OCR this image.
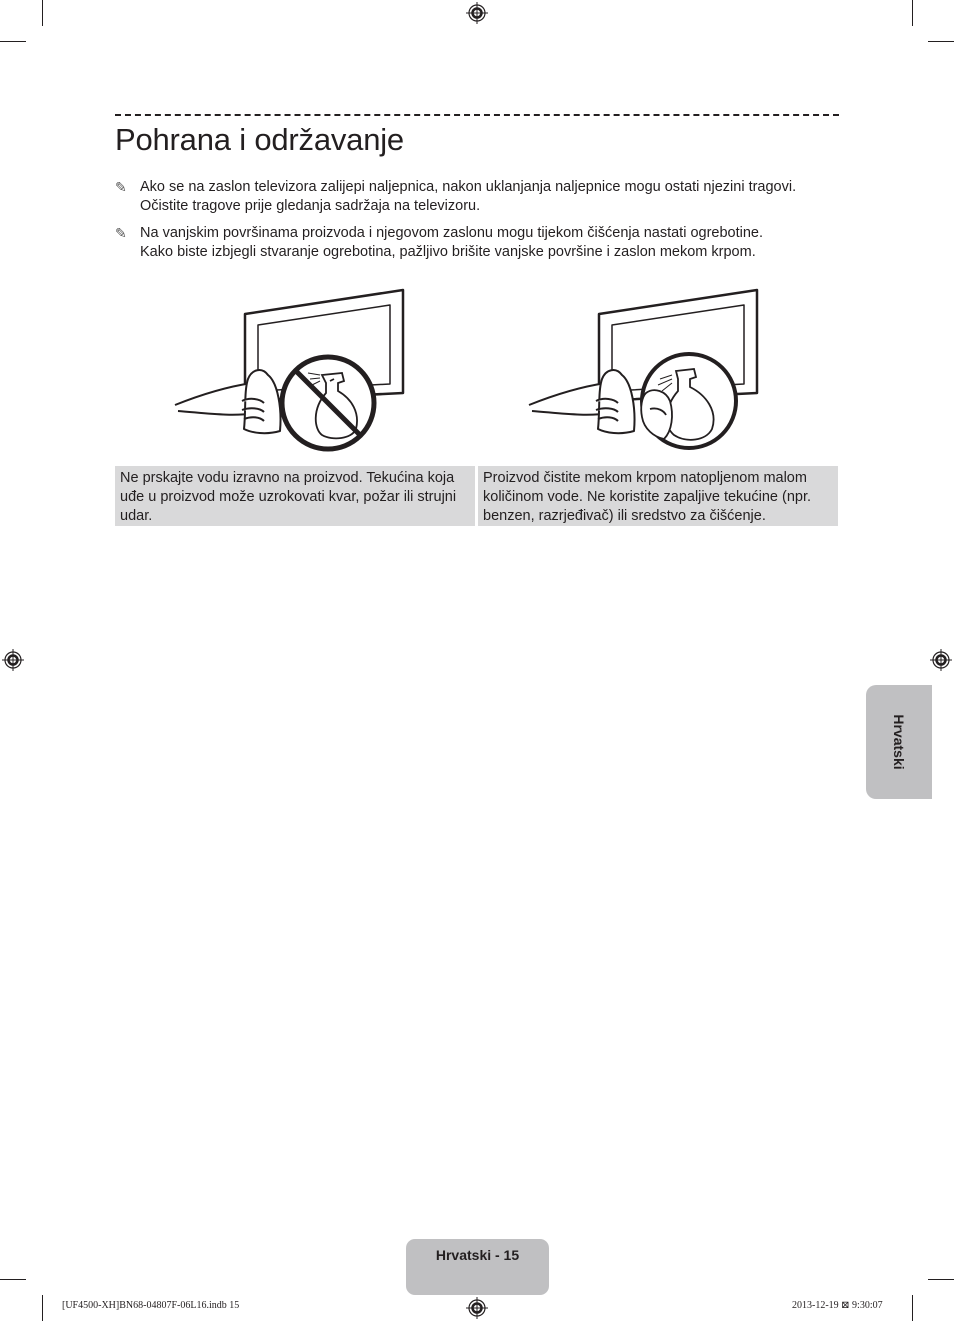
Pohrana i održavanje
✎ Ako se na zaslon televizora zalijepi naljepnica, nakon uklanjanja naljepnice mogu ostati njezini tragovi.
Očistite tragove prije gledanja sadržaja na televizoru.
✎ Na vanjskim površinama proizvoda i njegovom zaslonu mogu tijekom čišćenja nastati ogrebotine.
Kako biste izbjegli stvaranje ogrebotina, pažljivo brišite vanjske površine i zaslon mekom krpom.
Ne prskajte vodu izravno na proizvod. Tekućina koja uđe u proizvod može uzrokovati kvar, požar ili strujni udar.
Proizvod čistite mekom krpom natopljenom malom količinom vode. Ne koristite zapaljive tekućine (npr. benzen, razrjeđivač) ili sredstvo za čišćenje.
Hrvatski
Hrvatski - 15
[UF4500-XH]BN68-04807F-06L16.indb 15	2013-12-19 ⊠ 9:30:07
